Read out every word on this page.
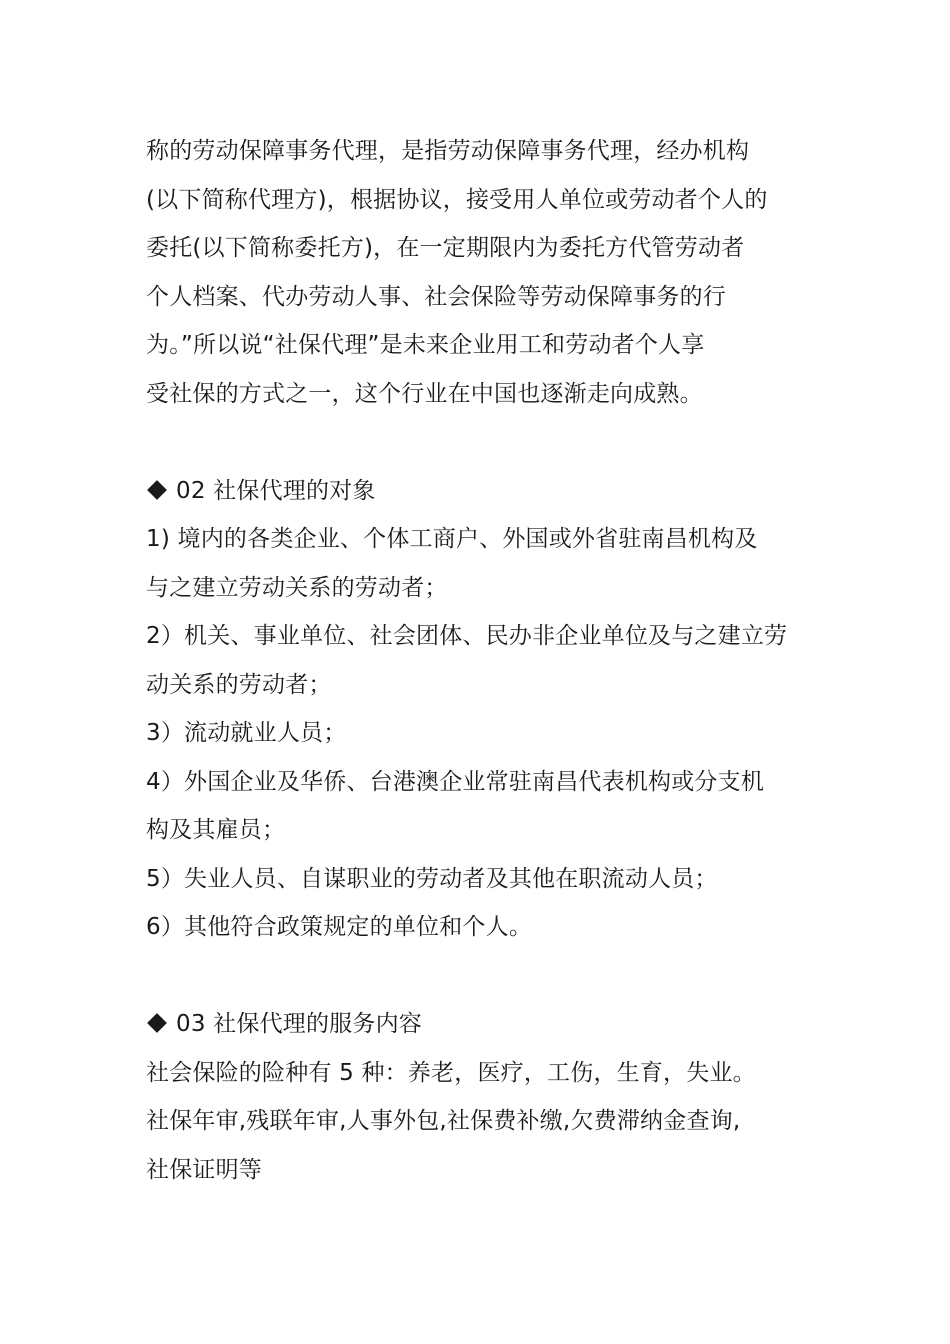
称的劳动保障事务代理，是指劳动保障事务代理，经办机构
(以下简称代理方)，根据协议，接受用人单位或劳动者个人的
委托(以下简称委托方)，在一定期限内为委托方代管劳动者
个人档案、代办劳动人事、社会保险等劳动保障事务的行
为。”所以说“社保代理”是未来企业用工和劳动者个人享
受社保的方式之一，这个行业在中国也逐渐走向成熟。
02 社保代理的对象
1) 境内的各类企业、个体工商户、外国或外省驻南昌机构及
与之建立劳动关系的劳动者；
2）机关、事业单位、社会团体、民办非企业单位及与之建立劳
动关系的劳动者；
3）流动就业人员；
4）外国企业及华侨、台港澳企业常驻南昌代表机构或分支机
构及其雇员；
5）失业人员、自谋职业的劳动者及其他在职流动人员；
6）其他符合政策规定的单位和个人。
03 社保代理的服务内容
社会保险的险种有 5 种：养老，医疗，工伤，生育，失业。
社保年审,残联年审,人事外包,社保费补缴,欠费滞纳金查询,
社保证明等
